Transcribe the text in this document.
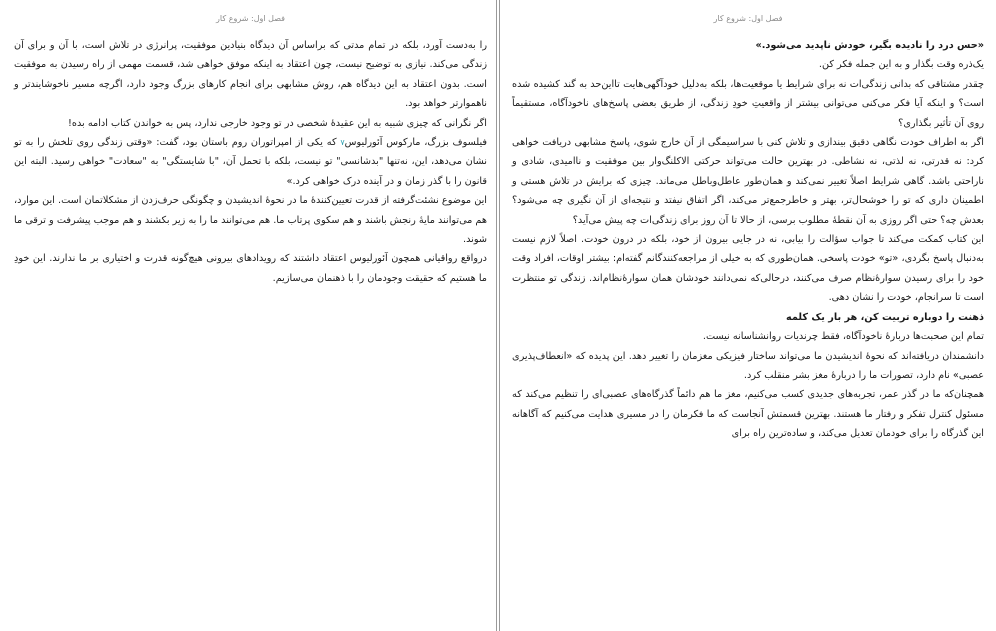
فصل اول: شروع کار

«حس درد را نادیده بگیر، خودش ناپدید می‌شود.»

یک‌ذره وقت بگذار و به این جمله فکر کن.

چقدر مشتاقی که بدانی زندگی‌ات نه برای شرایط یا موقعیت‌ها، بلکه به‌دلیل خودآگهی‌هایت تااین‌حد به گند کشیده شده است؟ و اینکه آیا فکر می‌کنی می‌توانی بیشتر از واقعیتِ خودِ زندگی، از طریق بعضی پاسخ‌های ناخودآگاه، مستقیماً روی آن تأثیر بگذاری؟

اگر به اطراف خودت نگاهی دقیق بیندازی و تلاش کنی با سراسیمگی از آن خارج شوی، پاسخ مشابهی دریافت خواهی کرد: نه قدرتی، نه لذتی، نه نشاطی. در بهترین حالت می‌تواند حرکتی الاکلنگ‌وار بین موفقیت و ناامیدی، شادی و ناراحتی باشد. گاهی شرایط اصلاً تغییر نمی‌کند و همان‌طور عاطل‌وباطل می‌ماند. چیزی که برایش در تلاش هستی و اطمینان داری که تو را خوشحال‌تر، بهتر و خاطرجمع‌تر می‌کند، اگر اتفاق نیفتد و نتیجه‌ای از آن نگیری چه می‌شود؟ بعدش چه؟ حتی اگر روزی به آن نقطهٔ مطلوب برسی، از حالا تا آن روز برای زندگی‌ات چه پیش می‌آید؟

این کتاب کمکت می‌کند تا جواب سؤالت را بیابی، نه در جایی بیرون از خود، بلکه در درون خودت. اصلاً لازم نیست به‌دنبال پاسخ بگردی، «تو» خودت پاسخی. همان‌طوری که به خیلی از مراجعه‌کنندگانم گفته‌ام: بیشتر اوقات، افراد وقت خود را برای رسیدن سوارهٔ‌نظام صرف می‌کنند، درحالی‌که نمی‌دانند خودشان همان سوارهٔ‌نظام‌اند. زندگی تو منتظرت است تا سرانجام، خودت را نشان دهی.

ذهنت را دوباره تربیت کن، هر بار یک کلمه

تمام این صحبت‌ها دربارهٔ ناخودآگاه، فقط چرندیات روانشناسانه نیست.

دانشمندان دریافته‌اند که نحوهٔ اندیشیدن ما می‌تواند ساختار فیزیکی مغزمان را تغییر دهد. این پدیده که «انعطاف‌پذیری عصبی» نام دارد، تصورات ما را دربارهٔ مغز بشر منقلب کرد.

همچنان‌که ما در گذر عمر، تجربه‌های جدیدی کسب می‌کنیم، مغز ما هم دائماً گذرگاه‌های عصبی‌ای را تنظیم می‌کند که مسئول کنترل تفکر و رفتار ما هستند. بهترین قسمتش آنجاست که ما فکرمان را در مسیری هدایت می‌کنیم که آگاهانه این گذرگاه را برای خودمان تعدیل می‌کند، و ساده‌ترین راه برای

فصل اول: شروع کار

را به‌دست آورد، بلکه در تمام مدتی که براساس آن دیدگاه بنیادین موفقیت، پرانرژی در تلاش است، با آن و برای آن زندگی می‌کند. نیازی به توضیح نیست، چون اعتقاد به اینکه موفق خواهی شد، قسمت مهمی از راه رسیدن به موفقیت است. بدون اعتقاد به این دیدگاه هم، روش مشابهی برای انجام کارهای بزرگ وجود دارد، اگرچه مسیر ناخوشایندتر و ناهموارتر خواهد بود.

اگر نگرانی که چیزی شبیه به این عقیدهٔ شخصی در تو وجود خارجی ندارد، پس به خواندن کتاب ادامه بده!

فیلسوف بزرگ، مارکوس آئورلیوس۷ که یکی از امپراتوران روم باستان بود، گفت: «وقتی زندگی روی تلخش را به تو نشان می‌دهد، این، نه‌تنها "بدشانسی" تو نیست، بلکه با تحمل آن، "با شایستگی" به "سعادت" خواهی رسید. البته این قانون را با گذر زمان و در آینده درک خواهی کرد.»

این موضوع نشئت‌گرفته از قدرت تعیین‌کنندهٔ ما در نحوهٔ اندیشیدن و چگونگی حرف‌زدن از مشکلاتمان است. این موارد، هم می‌توانند مایهٔ رنجش باشند و هم سکوی پرتاب ما. هم می‌توانند ما را به زیر بکشند و هم موجب پیشرفت و ترقی ما شوند.

درواقع رواقیانی همچون آئورلیوس اعتقاد داشتند که رویدادهای بیرونی هیچ‌گونه قدرت و اختیاری بر ما ندارند. این خودِ ما هستیم که حقیقت وجودمان را با ذهنمان می‌سازیم.
